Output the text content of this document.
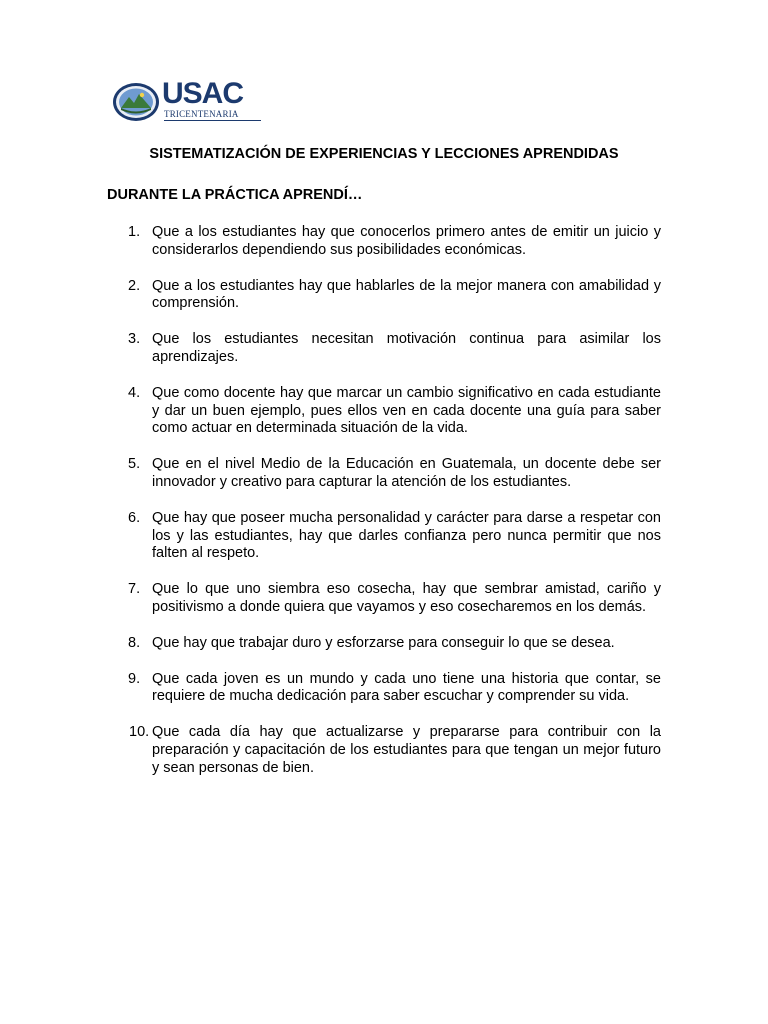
USAC
TRICENTENARIA
SISTEMATIZACIÓN DE EXPERIENCIAS Y LECCIONES APRENDIDAS
DURANTE LA PRÁCTICA APRENDÍ…
1. Que a los estudiantes hay que conocerlos primero antes de emitir un juicio y considerarlos dependiendo sus posibilidades económicas.
2. Que a los estudiantes hay que hablarles de la mejor manera con amabilidad y comprensión.
3. Que los estudiantes necesitan motivación continua para asimilar los aprendizajes.
4. Que como docente hay que marcar un cambio significativo en cada estudiante y dar un buen ejemplo, pues ellos ven en cada docente una guía para saber como actuar en determinada situación de la vida.
5. Que en el nivel Medio de la Educación en Guatemala, un docente debe ser innovador y creativo para capturar la atención de los estudiantes.
6. Que hay que poseer mucha personalidad y carácter para darse a respetar con los y las estudiantes, hay que darles confianza pero nunca permitir que nos falten al respeto.
7. Que lo que uno siembra eso cosecha, hay que sembrar amistad, cariño y positivismo a donde quiera que vayamos y eso cosecharemos en los demás.
8. Que hay que trabajar duro y esforzarse para conseguir lo que se desea.
9. Que cada joven es un mundo y cada uno tiene una historia que contar, se requiere de mucha dedicación para saber escuchar y comprender su vida.
10. Que cada día hay que actualizarse y prepararse para contribuir con la preparación y capacitación de los estudiantes para que tengan un mejor futuro y sean personas de bien.
